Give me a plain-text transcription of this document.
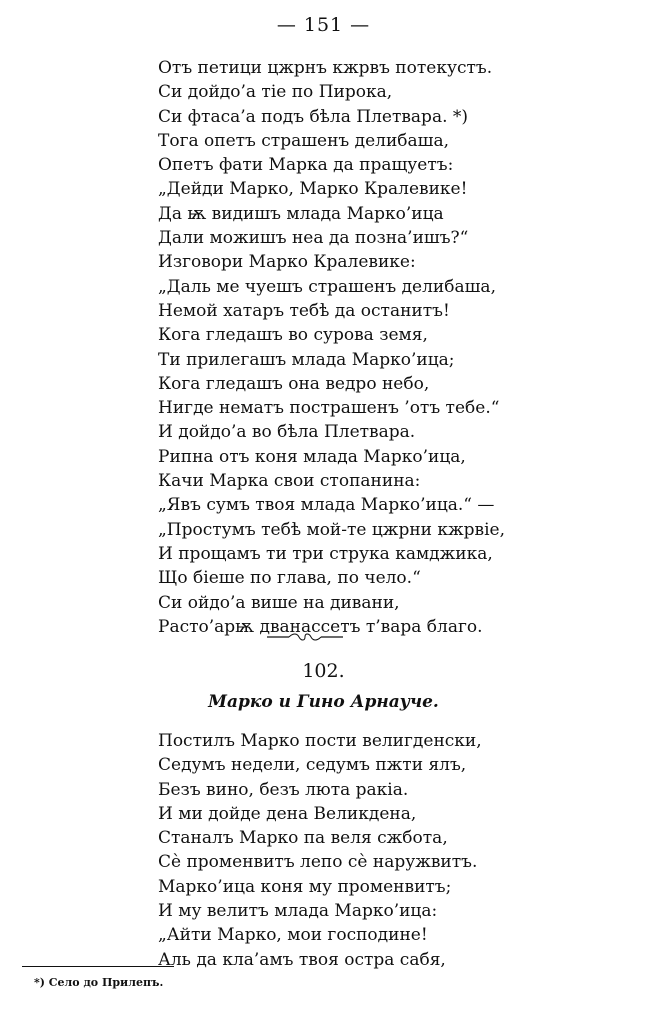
— 151 —
Отъ петици цжрнъ кжрвъ потекустъ.
Си дойдо’а тіе по Пирока,
Си фтаса’а подъ бѣла Плетвара. *)
Тога опетъ страшенъ делибаша,
Опетъ фати Марка да пращуетъ:
„Дейди Марко, Марко Кралевике!
Да ѭ видишъ млада Марко’ица
Дали можишъ неа да позна’ишъ?“
Изговори Марко Кралевике:
„Даль ме чуешъ страшенъ делибаша,
Немой хатаръ тебѣ да останитъ!
Кога гледашъ во сурова земя,
Ти прилегашъ млада Марко’ица;
Кога гледашъ она ведро небо,
Нигде нематъ пострашенъ ’отъ тебе.“
И дойдо’а во бѣла Плетвара.
Рипна отъ коня млада Марко’ица,
Качи Марка свои стопанина:
„Явъ сумъ твоя млада Марко’ица.“ —
„Простумъ тебѣ мой-те цжрни кжрвіе,
И прощамъ ти три струка камджика,
Що біеше по глава, по чело.“
Си ойдо’а више на дивани,
Расто’арѭ дванассетъ т’вара благо.
102.
Марко и Гино Арнауче.
Постилъ Марко пости велигденски,
Седумъ недели, седумъ пжти ялъ,
Безъ вино, безъ люта ракіа.
И ми дойде дена Великдена,
Станалъ Марко па веля сжбота,
Сѐ променвитъ лепо сѐ наружвитъ.
Марко’ица коня му променвитъ;
И му велитъ млада Марко’ица:
„Айти Марко, мои господине!
Аль да кла’амъ твоя остра сабя,
*) Село до Прилепъ.
